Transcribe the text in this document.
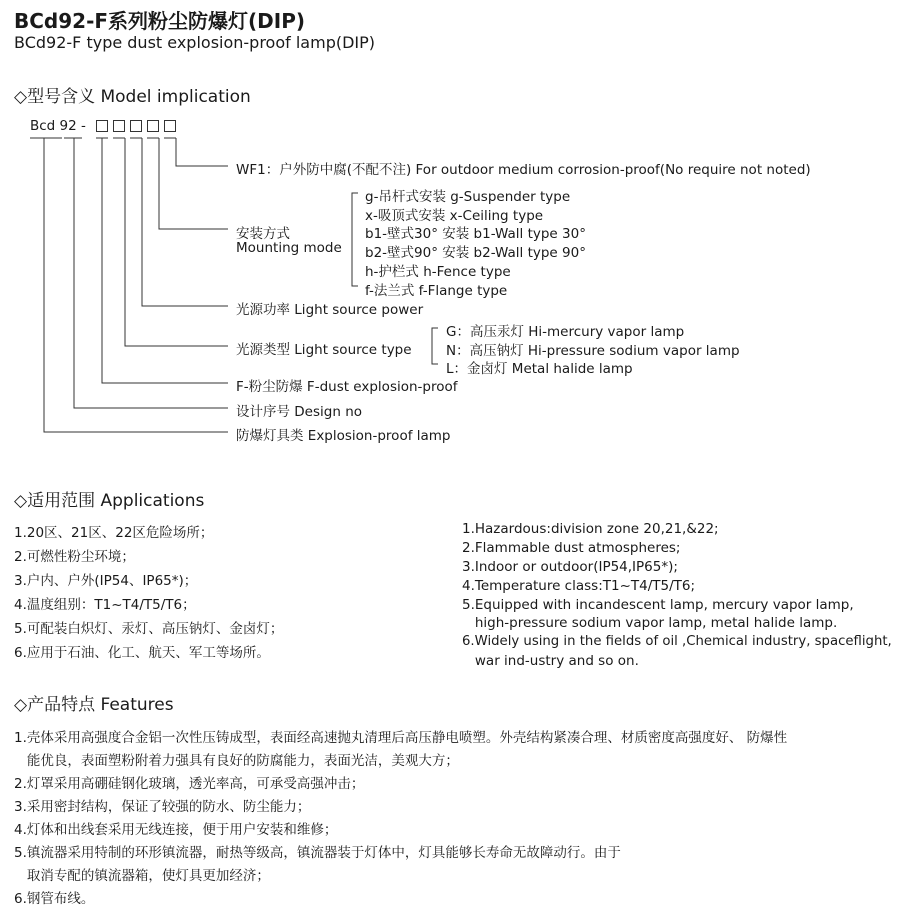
BCd92-F系列粉尘防爆灯(DIP)
BCd92-F type dust explosion-proof lamp(DIP)
◇型号含义 Model implication
Bcd 92 -
WF1：户外防中腐(不配不注) For outdoor medium corrosion-proof(No require not noted)
安装方式
Mounting mode
g-吊杆式安装 g-Suspender type
x-吸顶式安装 x-Ceiling type
b1-壁式30° 安装 b1-Wall type 30°
b2-壁式90° 安装 b2-Wall type 90°
h-护栏式 h-Fence type
f-法兰式 f-Flange type
光源功率 Light source power
光源类型 Light source type
G：高压汞灯 Hi-mercury vapor lamp
N：高压钠灯 Hi-pressure sodium vapor lamp
L：金卤灯 Metal halide lamp
F-粉尘防爆 F-dust explosion-proof
设计序号 Design no
防爆灯具类 Explosion-proof lamp
◇适用范围 Applications
1.20区、21区、22区危险场所；
2.可燃性粉尘环境；
3.户内、户外(IP54、IP65*)；
4.温度组别：T1~T4/T5/T6；
5.可配装白炽灯、汞灯、高压钠灯、金卤灯；
6.应用于石油、化工、航天、军工等场所。
1.Hazardous:division zone 20,21,&22;
2.Flammable dust atmospheres;
3.Indoor or outdoor(IP54,IP65*);
4.Temperature class:T1~T4/T5/T6;
5.Equipped with incandescent lamp, mercury vapor lamp,
high-pressure sodium vapor lamp, metal halide lamp.
6.Widely using in the fields of oil ,Chemical industry, spaceflight,
war ind-ustry and so on.
◇产品特点 Features
1.壳体采用高强度合金铝一次性压铸成型，表面经高速抛丸清理后高压静电喷塑。外壳结构紧凑合理、材质密度高强度好、 防爆性
能优良，表面塑粉附着力强具有良好的防腐能力，表面光洁，美观大方；
2.灯罩采用高硼硅钢化玻璃，透光率高，可承受高强冲击；
3.采用密封结构，保证了较强的防水、防尘能力；
4.灯体和出线套采用无线连接，便于用户安装和维修；
5.镇流器采用特制的环形镇流器，耐热等级高，镇流器装于灯体中，灯具能够长寿命无故障动行。由于
取消专配的镇流器箱，使灯具更加经济；
6.钢管布线。
